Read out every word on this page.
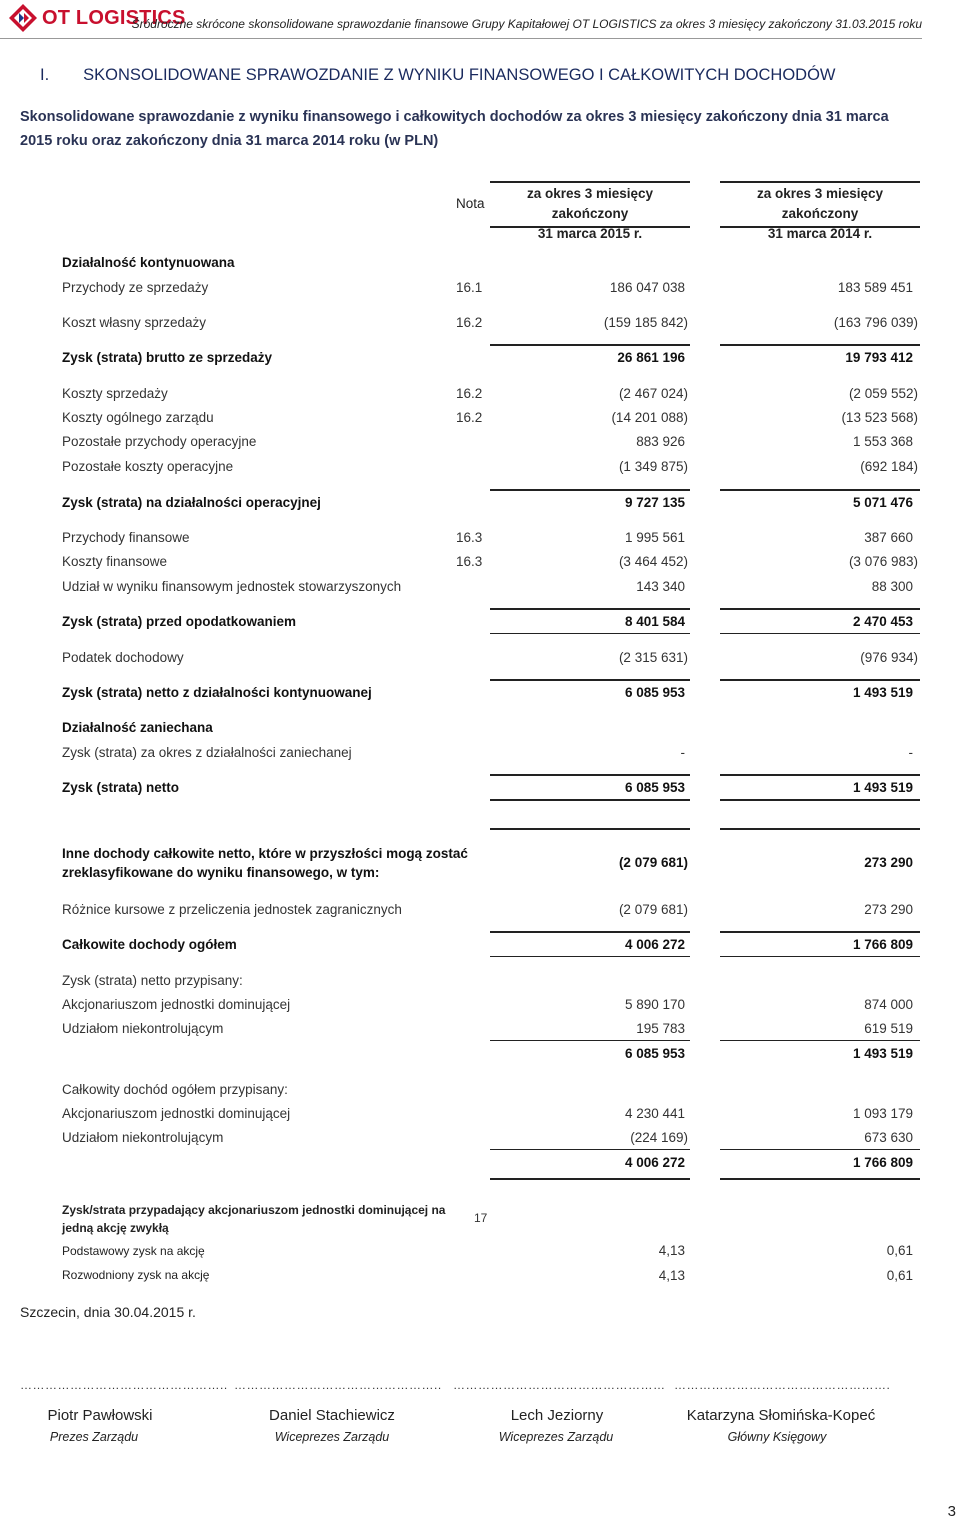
OT LOGISTICS
Śródroczne skrócone skonsolidowane sprawozdanie finansowe Grupy Kapitałowej OT LOGISTICS za okres 3 miesięcy zakończony 31.03.2015 roku
I. SKONSOLIDOWANE SPRAWOZDANIE Z WYNIKU FINANSOWEGO I CAŁKOWITYCH DOCHODÓW
Skonsolidowane sprawozdanie z wyniku finansowego i całkowitych dochodów za okres 3 miesięcy zakończony dnia 31 marca 2015 roku oraz zakończony dnia 31 marca 2014 roku (w PLN)
Nota
za okres 3 miesięcy zakończony
31 marca 2015 r.
za okres 3 miesięcy zakończony
31 marca 2014 r.
Działalność kontynuowana
Przychody ze sprzedaży	16.1	186 047 038	183 589 451
Koszt własny sprzedaży	16.2	(159 185 842)	(163 796 039)
Zysk (strata) brutto ze sprzedaży	26 861 196	19 793 412
Koszty sprzedaży	16.2	(2 467 024)	(2 059 552)
Koszty ogólnego zarządu	16.2	(14 201 088)	(13 523 568)
Pozostałe przychody operacyjne	883 926	1 553 368
Pozostałe koszty operacyjne	(1 349 875)	(692 184)
Zysk (strata) na działalności operacyjnej	9 727 135	5 071 476
Przychody finansowe	16.3	1 995 561	387 660
Koszty finansowe	16.3	(3 464 452)	(3 076 983)
Udział w wyniku finansowym jednostek stowarzyszonych	143 340	88 300
Zysk (strata) przed opodatkowaniem	8 401 584	2 470 453
Podatek dochodowy	(2 315 631)	(976 934)
Zysk (strata) netto z działalności kontynuowanej	6 085 953	1 493 519
Działalność zaniechana
Zysk (strata) za okres z działalności zaniechanej	-	-
Zysk (strata) netto	6 085 953	1 493 519
Inne dochody całkowite netto, które w przyszłości mogą zostać
zreklasyfikowane do wyniku finansowego, w tym:
(2 079 681)	273 290
Różnice kursowe z przeliczenia jednostek zagranicznych	(2 079 681)	273 290
Całkowite dochody ogółem	4 006 272	1 766 809
Zysk (strata) netto przypisany:
Akcjonariuszom jednostki dominującej	5 890 170	874 000
Udziałom niekontrolującym	195 783	619 519
6 085 953	1 493 519
Całkowity dochód ogółem przypisany:
Akcjonariuszom jednostki dominującej	4 230 441	1 093 179
Udziałom niekontrolującym	(224 169)	673 630
4 006 272	1 766 809
Zysk/strata przypadający akcjonariuszom jednostki dominującej na
jedną akcję zwykłą
17
Podstawowy zysk na akcję	4,13	0,61
Rozwodniony zysk na akcję	4,13	0,61
Szczecin, dnia 30.04.2015 r.
………………………………………….. ………………………………………….. …………………………………………… …………………………………………….
Piotr Pawłowski	Daniel Stachiewicz	Lech Jeziorny	Katarzyna Słomińska-Kopeć
Prezes Zarządu	Wiceprezes Zarządu	Wiceprezes Zarządu	Główny Księgowy
3
